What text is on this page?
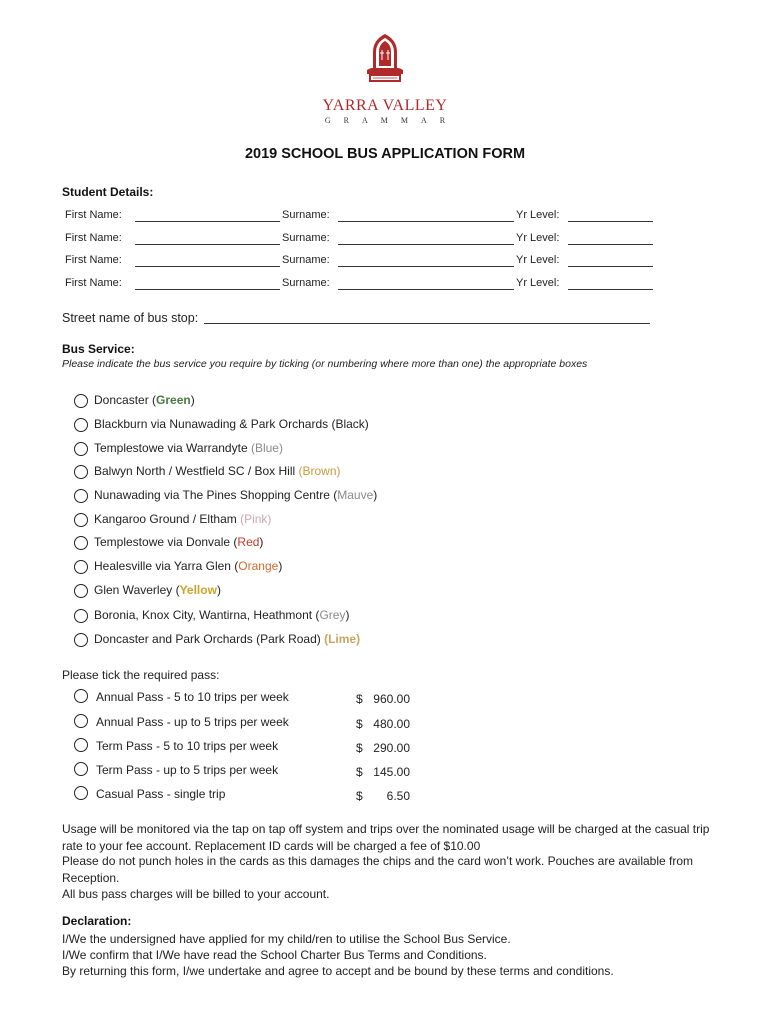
YARRA VALLEY
GRAMMAR
2019 SCHOOL BUS APPLICATION FORM
Student Details:
First Name:	Surname:	Yr Level:
First Name:	Surname:	Yr Level:
First Name:	Surname:	Yr Level:
First Name:	Surname:	Yr Level:
Street name of bus stop:
Bus Service:
Please indicate the bus service you require by ticking (or numbering where more than one) the appropriate boxes
Doncaster (Green)
Blackburn via Nunawading & Park Orchards (Black)
Templestowe via Warrandyte (Blue)
Balwyn North / Westfield SC / Box Hill (Brown)
Nunawading via The Pines Shopping Centre (Mauve)
Kangaroo Ground / Eltham (Pink)
Templestowe via Donvale (Red)
Healesville via Yarra Glen (Orange)
Glen Waverley (Yellow)
Boronia, Knox City, Wantirna, Heathmont (Grey)
Doncaster and Park Orchards (Park Road) (Lime)
Please tick the required pass:
Annual Pass - 5 to 10 trips per week	$ 960.00
Annual Pass - up to 5 trips per week	$ 480.00
Term Pass - 5 to 10 trips per week	$ 290.00
Term Pass - up to 5 trips per week	$ 145.00
Casual Pass - single trip	$	6.50
Usage will be monitored via the tap on tap off system and trips over the nominated usage will be charged at the casual trip rate to your fee account. Replacement ID cards will be charged a fee of $10.00
Please do not punch holes in the cards as this damages the chips and the card won’t work. Pouches are available from Reception.
All bus pass charges will be billed to your account.
Declaration:
I/We the undersigned have applied for my child/ren to utilise the School Bus Service.
I/We confirm that I/We have read the School Charter Bus Terms and Conditions.
By returning this form, I/we undertake and agree to accept and be bound by these terms and conditions.
